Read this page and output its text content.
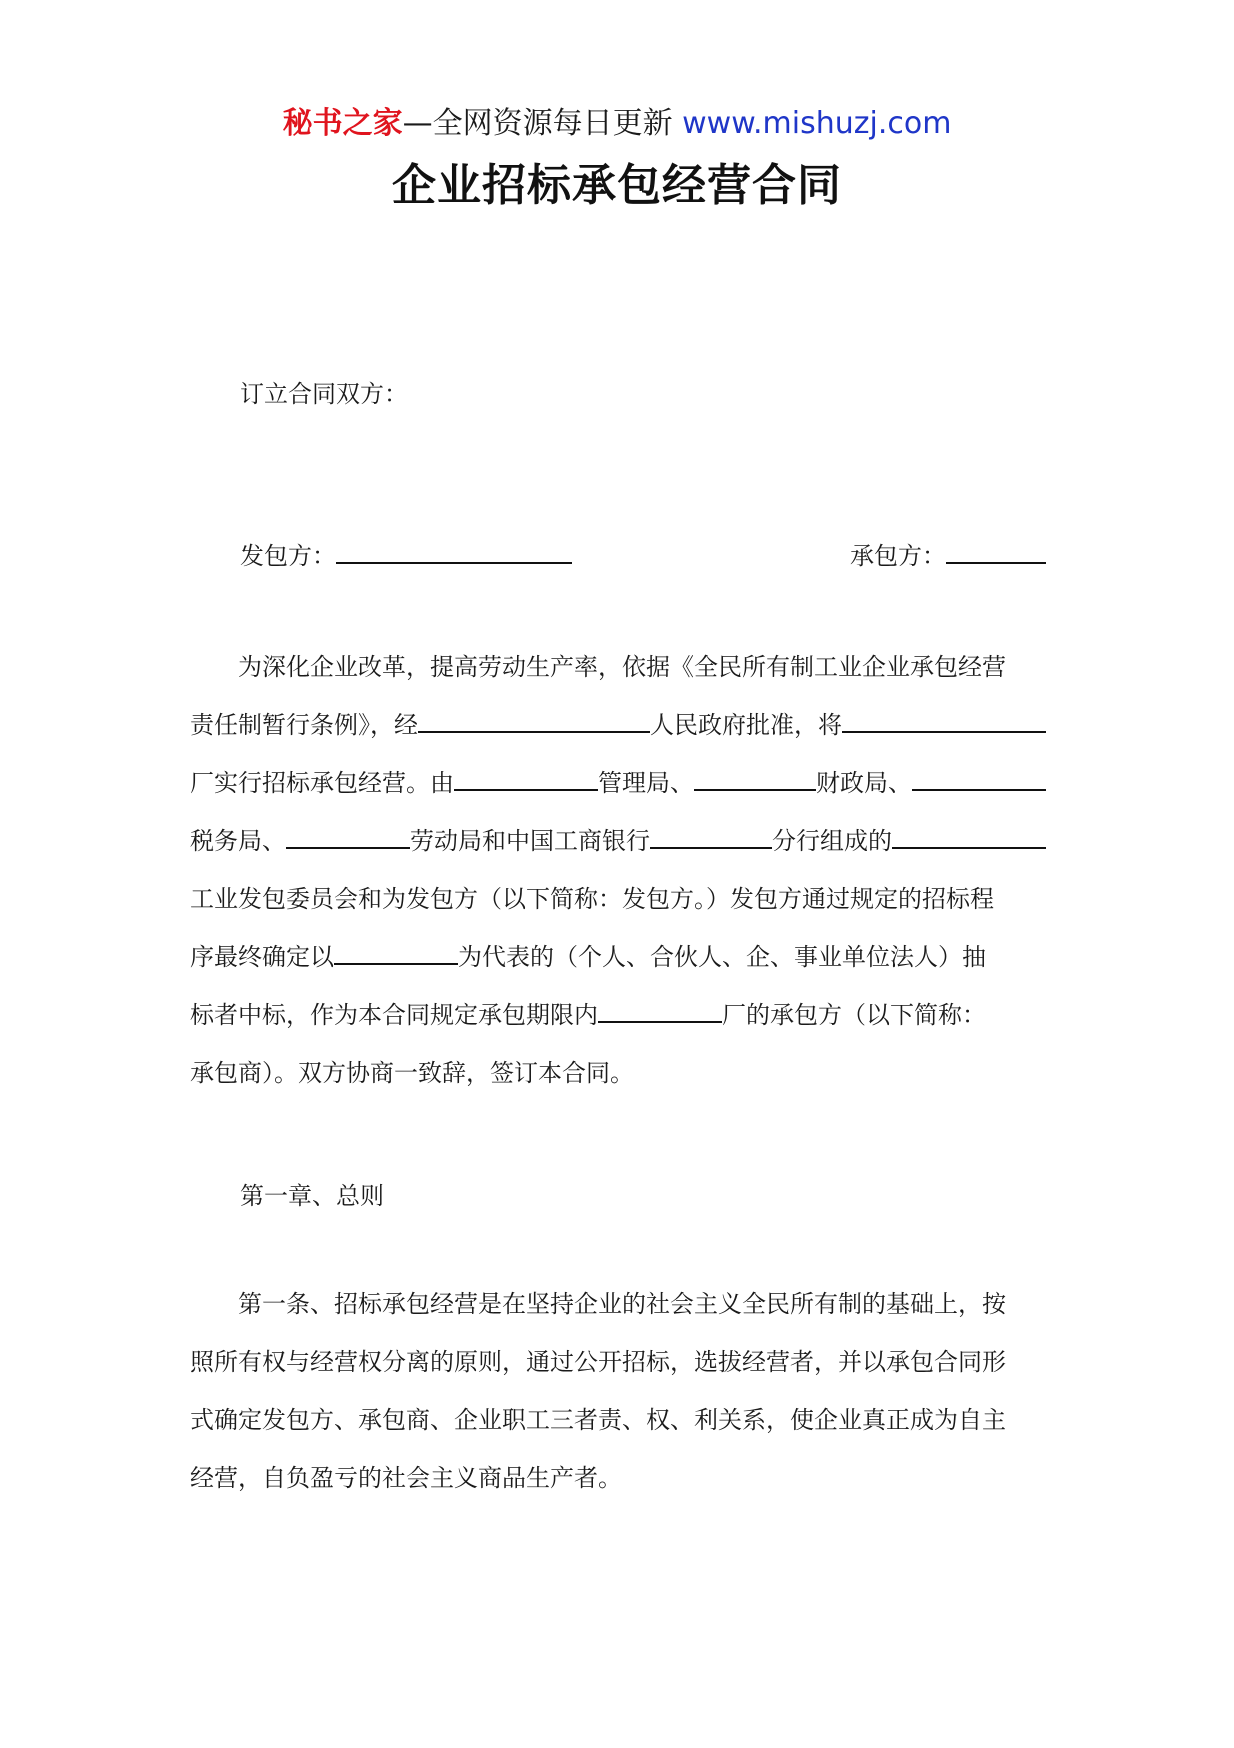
秘书之家—全网资源每日更新 www.mishuzj.com
企业招标承包经营合同
订立合同双方：
发包方：	承包方：
为深化企业改革，提高劳动生产率，依据《全民所有制工业企业承包经营
责任制暂行条例》，经	人民政府批准，将
厂实行招标承包经营。由	管理局、	财政局、
税务局、	劳动局和中国工商银行	分行组成的
工业发包委员会和为发包方（以下简称：发包方。）发包方通过规定的招标程
序最终确定以	为代表的（个人、合伙人、企、事业单位法人）抽
标者中标，作为本合同规定承包期限内	厂的承包方（以下简称：
承包商）。双方协商一致辞，签订本合同。
第一章、总则
第一条、招标承包经营是在坚持企业的社会主义全民所有制的基础上，按
照所有权与经营权分离的原则，通过公开招标，选拔经营者，并以承包合同形
式确定发包方、承包商、企业职工三者责、权、利关系，使企业真正成为自主
经营，自负盈亏的社会主义商品生产者。
